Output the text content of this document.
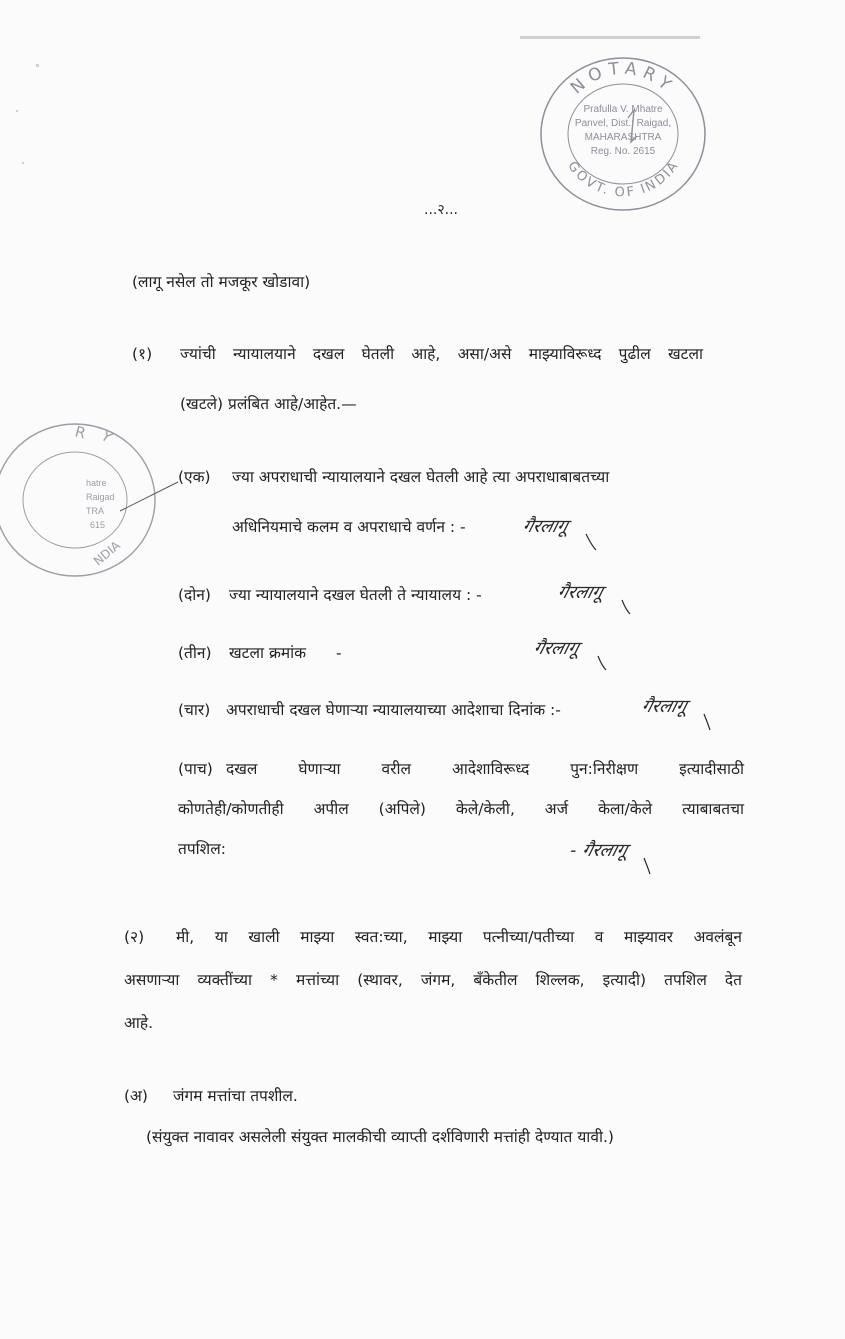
NOTARY
GOVT. OF INDIA
Prafulla V. Mhatre
Panvel, Dist.: Raigad,
MAHARASHTRA
Reg. No. 2615
Y
R
hatre
Raigad
TRA
615
NDIA
...२...
(लागू नसेल तो मजकूर खोडावा)
(१) ज्यांची न्यायालयाने दखल घेतली आहे, असा/असे माझ्याविरूध्द पुढील खटला
(खटले) प्रलंबित आहे/आहेत.—
(एक) ज्या अपराधाची न्यायालयाने दखल घेतली आहे त्या अपराधाबाबतच्या
अधिनियमाचे कलम व अपराधाचे वर्णन : -
(दोन) ज्या न्यायालयाने दखल घेतली ते न्यायालय : -
(तीन) खटला क्रमांक -
(चार) अपराधाची दखल घेणाऱ्या न्यायालयाच्या आदेशाचा दिनांक :-
(पाच) दखल घेणाऱ्या वरील आदेशाविरूध्द पुन:निरीक्षण इत्यादीसाठी
कोणतेही/कोणतीही अपील (अपिले) केले/केली, अर्ज केला/केले त्याबाबतचा
तपशिल:
(२) मी, या खाली माझ्या स्वत:च्या, माझ्या पत्नीच्या/पतीच्या व माझ्यावर अवलंबून
असणाऱ्या व्यक्तींच्या * मत्तांच्या (स्थावर, जंगम, बॅंकेतील शिल्लक, इत्यादी) तपशिल देत
आहे.
(अ) जंगम मत्तांचा तपशील.
(संयुक्त नावावर असलेली संयुक्त मालकीची व्याप्ती दर्शविणारी मत्तांही देण्यात यावी.)
गैरलागू
गैरलागू
गैरलागू
गैरलागू
- गैरलागू
